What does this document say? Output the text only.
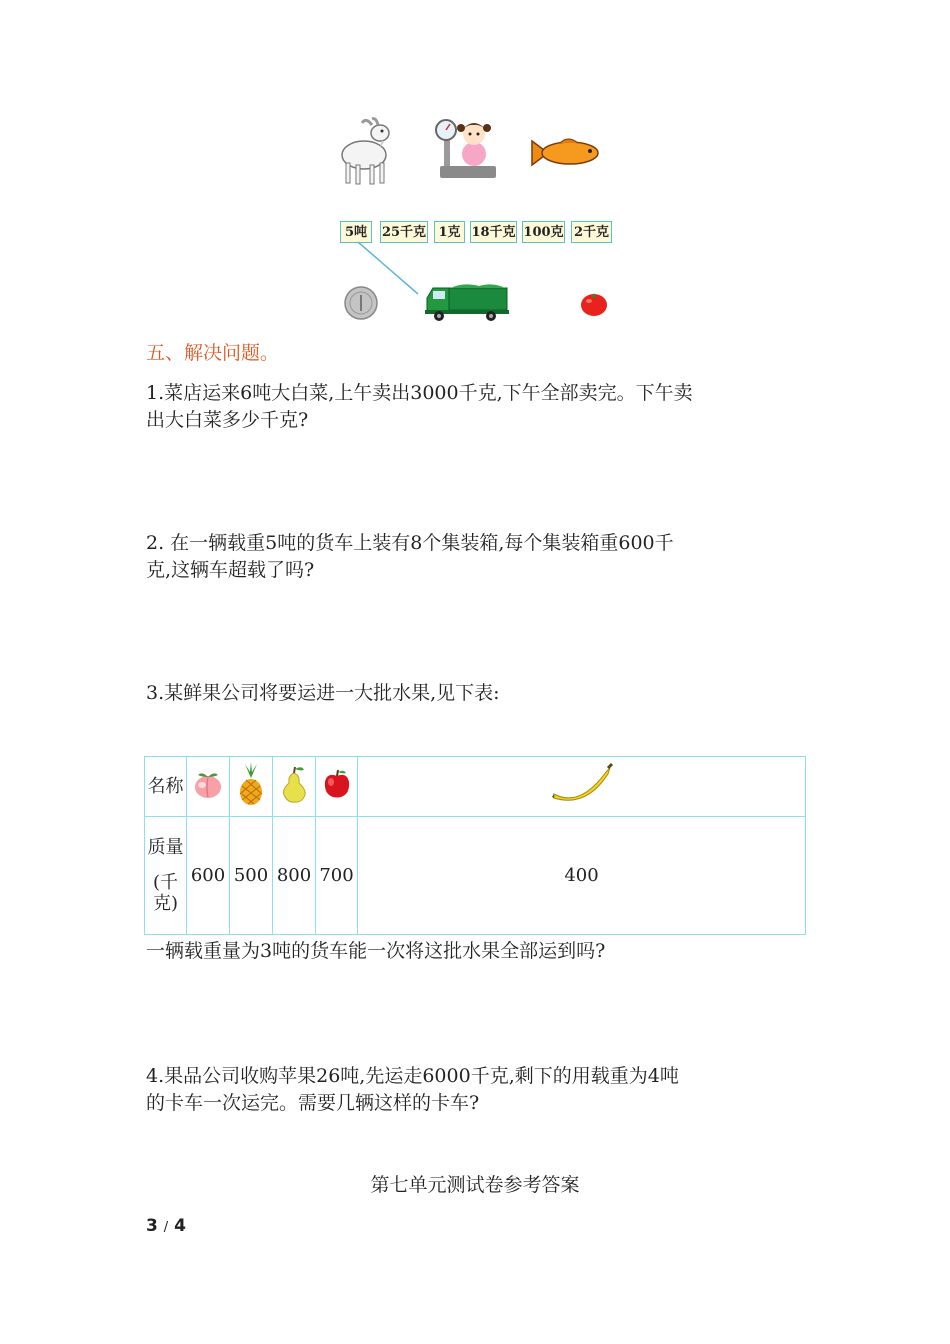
5吨	25千克 1克 18千克 100克 2千克
五、解决问题。
1.菜店运来6吨大白菜,上午卖出3000千克,下午全部卖完。下午卖
出大白菜多少千克?
2. 在一辆载重5吨的货车上装有8个集装箱,每个集装箱重600千
克,这辆车超载了吗?
3.某鲜果公司将要运进一大批水果,见下表:
名称					

质量
(千克)	600	500	800	700	400
一辆载重量为3吨的货车能一次将这批水果全部运到吗?
4.果品公司收购苹果26吨,先运走6000千克,剩下的用载重为4吨
的卡车一次运完。需要几辆这样的卡车?
第七单元测试卷参考答案
3 / 4
